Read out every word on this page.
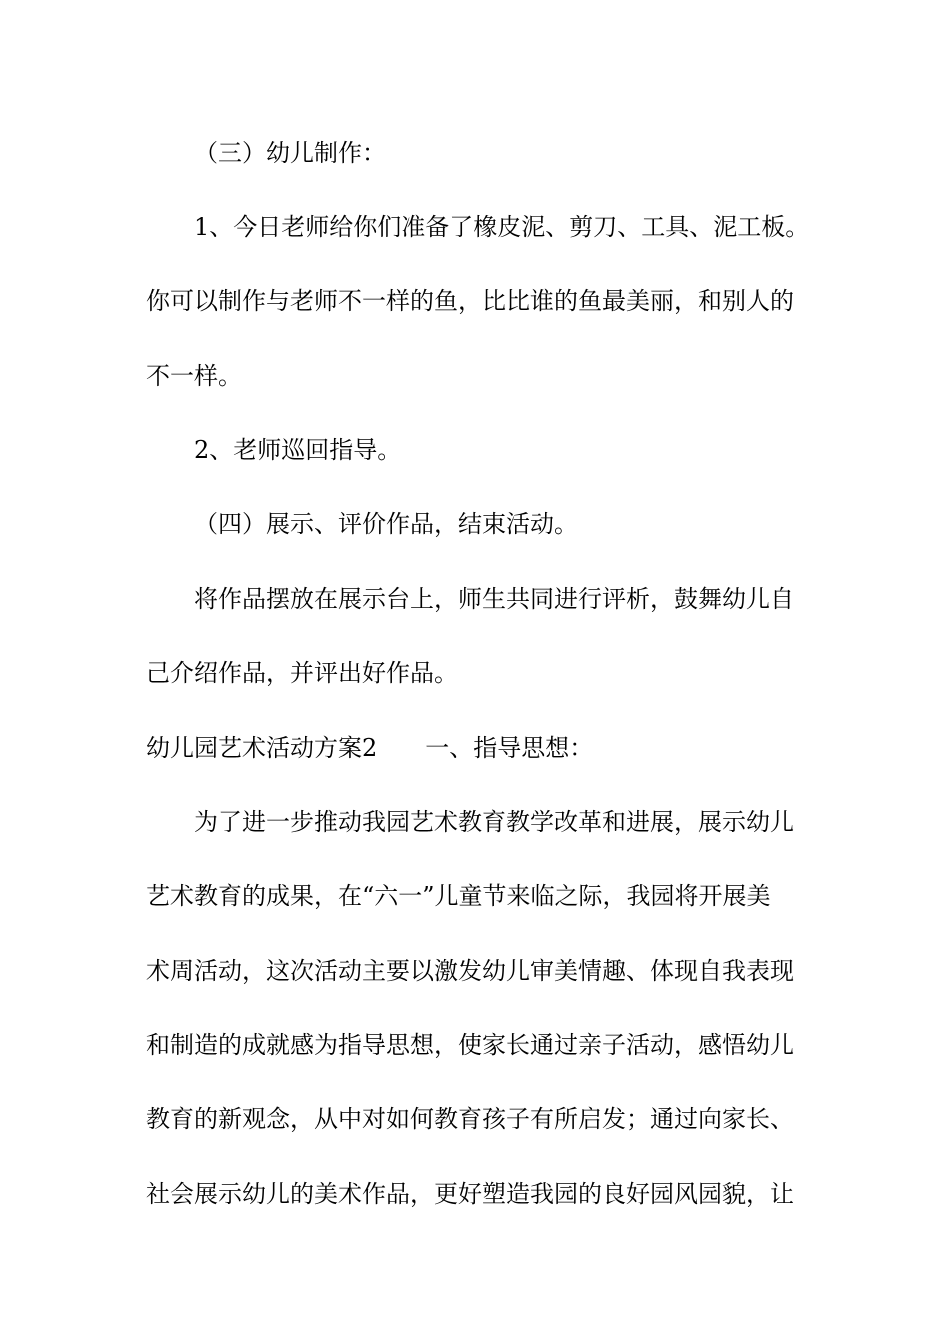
（三）幼儿制作：
1、今日老师给你们准备了橡皮泥、剪刀、工具、泥工板。
你可以制作与老师不一样的鱼，比比谁的鱼最美丽，和别人的
不一样。
2、老师巡回指导。
（四）展示、评价作品，结束活动。
将作品摆放在展示台上，师生共同进行评析，鼓舞幼儿自
己介绍作品，并评出好作品。
幼儿园艺术活动方案2 一、指导思想：
为了进一步推动我园艺术教育教学改革和进展，展示幼儿
艺术教育的成果，在“六一”儿童节来临之际，我园将开展美
术周活动，这次活动主要以激发幼儿审美情趣、体现自我表现
和制造的成就感为指导思想，使家长通过亲子活动，感悟幼儿
教育的新观念，从中对如何教育孩子有所启发；通过向家长、
社会展示幼儿的美术作品，更好塑造我园的良好园风园貌，让
